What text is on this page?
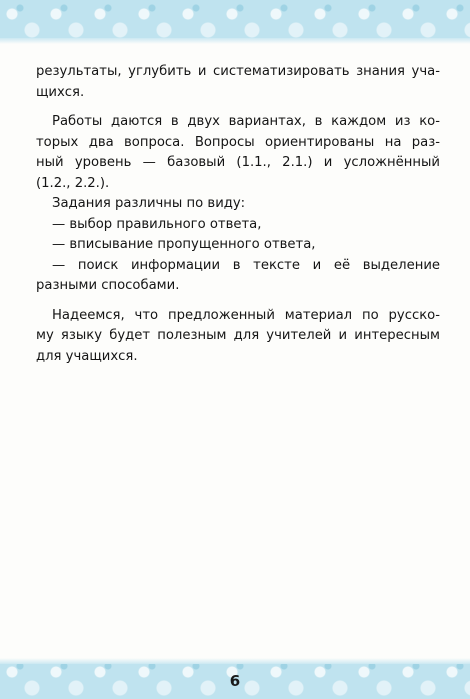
результаты, углубить и систематизировать знания уча-

щихся.

Работы даются в двух вариантах, в каждом из ко-

торых два вопроса. Вопросы ориентированы на раз-

ный уровень — базовый (1.1., 2.1.) и усложнённый

(1.2., 2.2.).

Задания различны по виду:

— выбор правильного ответа,

— вписывание пропущенного ответа,

— поиск информации в тексте и её выделение

разными способами.

Надеемся, что предложенный материал по русско-

му языку будет полезным для учителей и интересным

для учащихся.

6
